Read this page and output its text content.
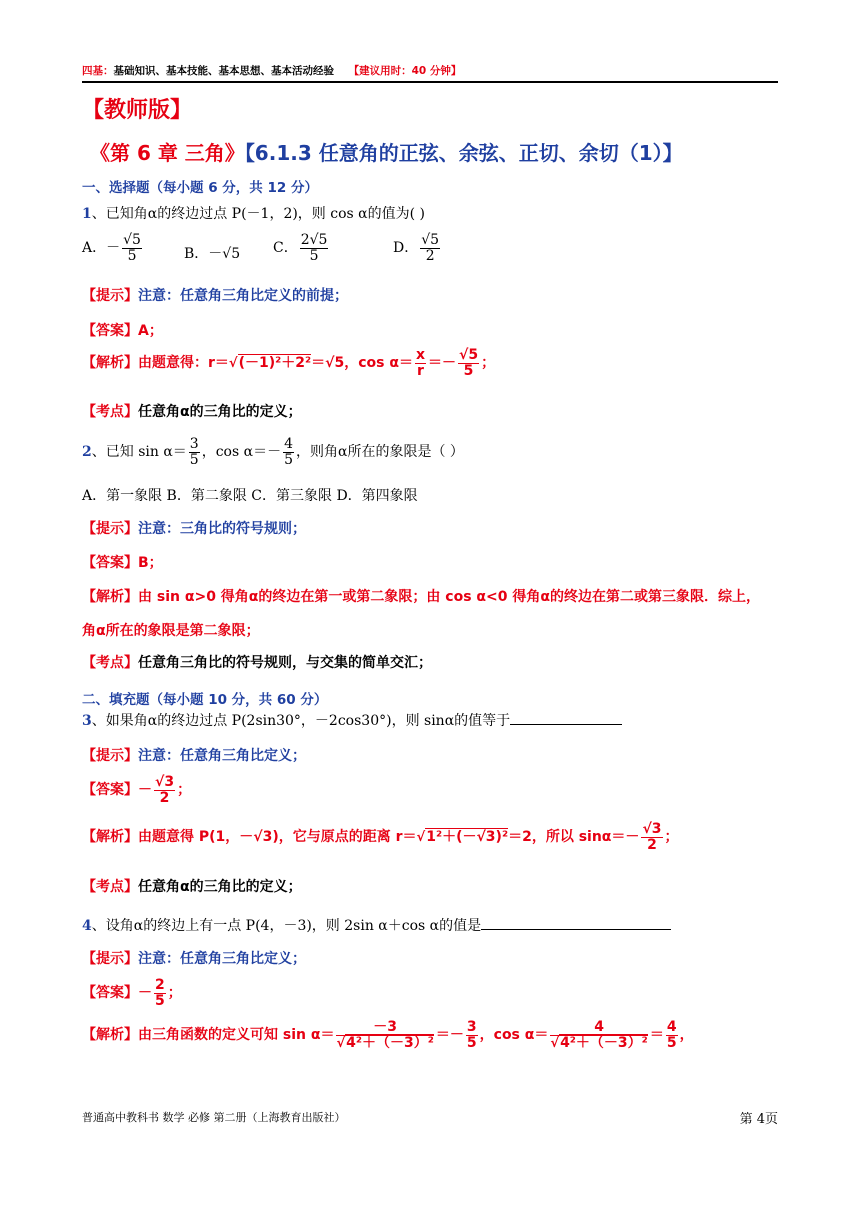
四基：基础知识、基本技能、基本思想、基本活动经验 【建议用时：40 分钟】
【教师版】
《第 6 章 三角》【6.1.3 任意角的正弦、余弦、正切、余切（1）】
一、选择题（每小题 6 分，共 12 分）
1、已知角α的终边过点 P(－1，2)，则 cos α的值为( )
A．－ $\frac{√5}{5}$	B．－√5 C． $\frac{2√5}{5}$	D． $\frac{√5}{2}$
【提示】注意：任意角三角比定义的前提；
【答案】A；
【解析】由题意得：r＝√(－1)²＋2²＝√5，$\cos \alpha= \frac{x}{r} =- \frac{√5}{5}$ ；
【考点】任意角α的三角比的定义；
2、已知 $\sin \alpha= \frac{3}{5}$ ，$\cos \alpha=- \frac{4}{5}$ ，则角α所在的象限是（ ）
A．第一象限 B．第二象限 C．第三象限 D．第四象限
【提示】注意：三角比的符号规则；
【答案】B；
【解析】由 sin α>0 得角α的终边在第一或第二象限；由 cos α<0 得角α的终边在第二或第三象限．综上，
角α所在的象限是第二象限；
【考点】任意角三角比的符号规则，与交集的简单交汇；
二、填充题（每小题 10 分，共 60 分）
3、如果角α的终边过点 P(2sin30°，－2cos30°)，则 sinα的值等于
【提示】注意：任意角三角比定义；
【答案】－ $\frac{√3}{2}$ ；
【解析】由题意得 P(1，－√3)，它与原点的距离 r＝√1²＋(－√3)²＝2，所以 $\sin\alpha=- \frac{√3}{2}$ ；
【考点】任意角α的三角比的定义；
4、设角α的终边上有一点 P(4，－3)，则 2sin α＋cos α的值是
【提示】注意：任意角三角比定义；
【答案】－ $\frac{2}{5}$ ；
【解析】由三角函数的定义可知 $\sin \alpha= \frac{-3}{\text{√4²＋（－3）²}} =- \frac{3}{5}$ ，$\cos \alpha= \frac{4}{\text{√4²＋（－3）²}} = \frac{4}{5}$ ，
普通高中教科书 数学 必修 第二册（上海教育出版社）	第 4页
